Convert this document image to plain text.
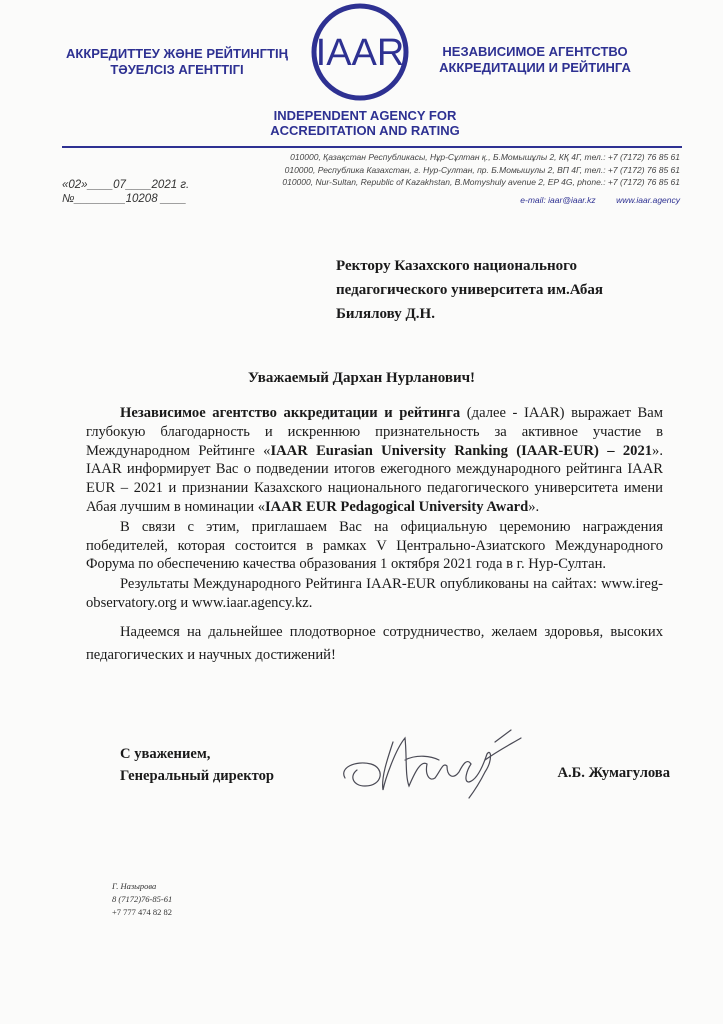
АККРЕДИТТЕУ ЖӘНЕ РЕЙТИНГТІҢ
ТӘУЕЛСІЗ АГЕНТТІГІ	IAAR	НЕЗАВИСИМОЕ АГЕНТСТВО
АККРЕДИТАЦИИ И РЕЙТИНГА
INDEPENDENT AGENCY FOR
ACCREDITATION AND RATING
010000, Қазақстан Республикасы, Нұр-Сұлтан қ., Б.Момышұлы 2, КҚ 4Г, тел.: +7 (7172) 76 85 61
010000, Республика Казахстан, г. Нур-Султан, пр. Б.Момышулы 2, ВП 4Г, тел.: +7 (7172) 76 85 61
010000, Nur-Sultan, Republic of Kazakhstan, B.Momyshuly avenue 2, EP 4G, phone.: +7 (7172) 76 85 61
e-mail: iaar@iaar.kz www.iaar.agency
«02»____07____2021 г.
№________10208 ____
Ректору Казахского национального
педагогического университета им.Абая
Билялову Д.Н.
Уважаемый Дархан Нурланович!

Независимое агентство аккредитации и рейтинга (далее - IAAR) выражает Вам глубокую благодарность и искреннюю признательность за активное участие в Международном Рейтинге «IAAR Eurasian University Ranking (IAAR-EUR) – 2021». IAAR информирует Вас о подведении итогов ежегодного международного рейтинга IAAR EUR – 2021 и признании Казахского национального педагогического университета имени Абая лучшим в номинации «IAAR EUR Pedagogical University Award».

В связи с этим, приглашаем Вас на официальную церемонию награждения победителей, которая состоится в рамках V Центрально-Азиатского Международного Форума по обеспечению качества образования 1 октября 2021 года в г. Нур-Султан.

Результаты Международного Рейтинга IAAR-EUR опубликованы на сайтах: www.ireg-observatory.org и www.iaar.agency.kz.

Надеемся на дальнейшее плодотворное сотрудничество, желаем здоровья, высоких педагогических и научных достижений!

С уважением,
Генеральный директор	А.Б. Жумагулова
Г. Назырова
8 (7172)76-85-61
+7 777 474 82 82
